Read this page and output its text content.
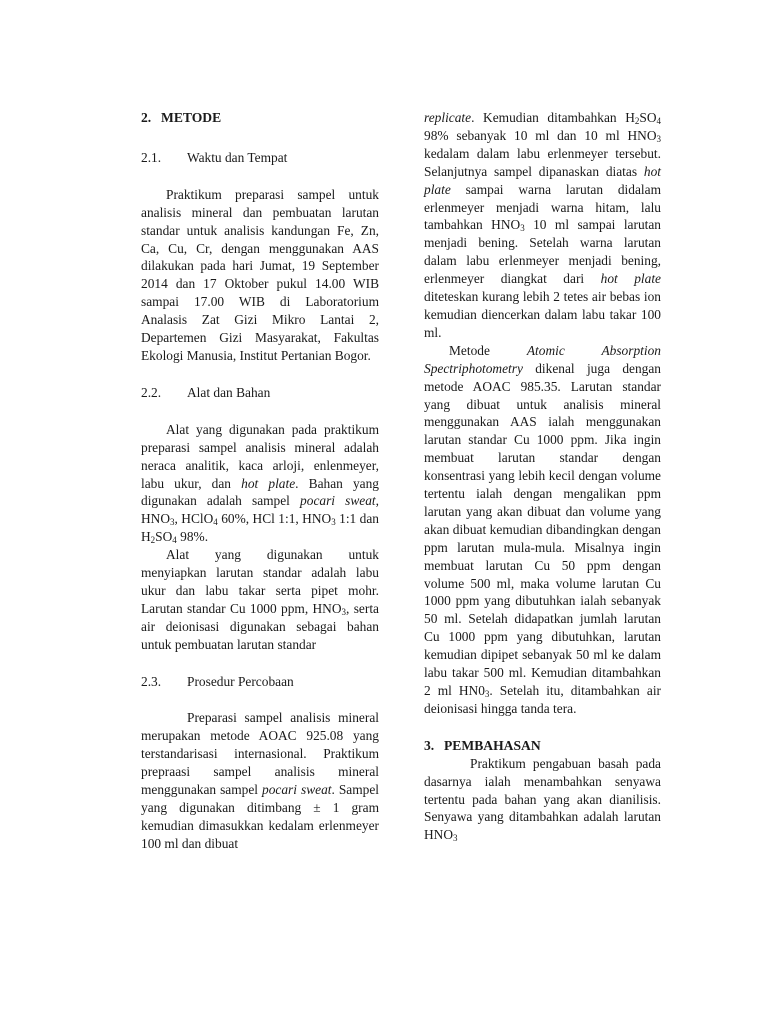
2. METODE
2.1. Waktu dan Tempat

Praktikum preparasi sampel untuk analisis mineral dan pembuatan larutan standar untuk analisis kandungan Fe, Zn, Ca, Cu, Cr, dengan menggunakan AAS dilakukan pada hari Jumat, 19 September 2014 dan 17 Oktober pukul 14.00 WIB sampai 17.00 WIB di Laboratorium Analasis Zat Gizi Mikro Lantai 2, Departemen Gizi Masyarakat, Fakultas Ekologi Manusia, Institut Pertanian Bogor.

2.2. Alat dan Bahan

Alat yang digunakan pada praktikum preparasi sampel analisis mineral adalah neraca analitik, kaca arloji, enlenmeyer, labu ukur, dan hot plate. Bahan yang digunakan adalah sampel pocari sweat, $HNO_3$, HClO$_4$ 60%, HCl 1:1, $HNO_3$ 1:1 dan $H_2SO_4$ 98%.

Alat yang digunakan untuk menyiapkan larutan standar adalah labu ukur dan labu takar serta pipet mohr. Larutan standar Cu 1000 ppm, $HNO_3$, serta air deionisasi digunakan sebagai bahan untuk pembuatan larutan standar

2.3. Prosedur Percobaan

Preparasi sampel analisis mineral merupakan metode AOAC 925.08 yang terstandarisasi internasional. Praktikum prepraasi sampel analisis mineral menggunakan sampel pocari sweat. Sampel yang digunakan ditimbang ± 1 gram kemudian dimasukkan kedalam erlenmeyer 100 ml dan dibuat

replicate. Kemudian ditambahkan $H_2SO_4$ 98% sebanyak 10 ml dan 10 ml $HNO_3$ kedalam dalam labu erlenmeyer tersebut. Selanjutnya sampel dipanaskan diatas hot plate sampai warna larutan didalam erlenmeyer menjadi warna hitam, lalu tambahkan $HNO_3$ 10 ml sampai larutan menjadi bening. Setelah warna larutan dalam labu erlenmeyer menjadi bening, erlenmeyer diangkat dari hot plate diteteskan kurang lebih 2 tetes air bebas ion kemudian diencerkan dalam labu takar 100 ml.

Metode Atomic Absorption Spectriphotometry dikenal juga dengan metode AOAC 985.35. Larutan standar yang dibuat untuk analisis mineral menggunakan AAS ialah menggunakan larutan standar Cu 1000 ppm. Jika ingin membuat larutan standar dengan konsentrasi yang lebih kecil dengan volume tertentu ialah dengan mengalikan ppm larutan yang akan dibuat dan volume yang akan dibuat kemudian dibandingkan dengan ppm larutan mula-mula. Misalnya ingin membuat larutan Cu 50 ppm dengan volume 500 ml, maka volume larutan Cu 1000 ppm yang dibutuhkan ialah sebanyak 50 ml. Setelah didapatkan jumlah larutan Cu 1000 ppm yang dibutuhkan, larutan kemudian dipipet sebanyak 50 ml ke dalam labu takar 500 ml. Kemudian ditambahkan 2 ml $HN0_3$. Setelah itu, ditambahkan air deionisasi hingga tanda tera.

3. PEMBAHASAN

Praktikum pengabuan basah pada dasarnya ialah menambahkan senyawa tertentu pada bahan yang akan dianilisis. Senyawa yang ditambahkan adalah larutan $HNO_3$
